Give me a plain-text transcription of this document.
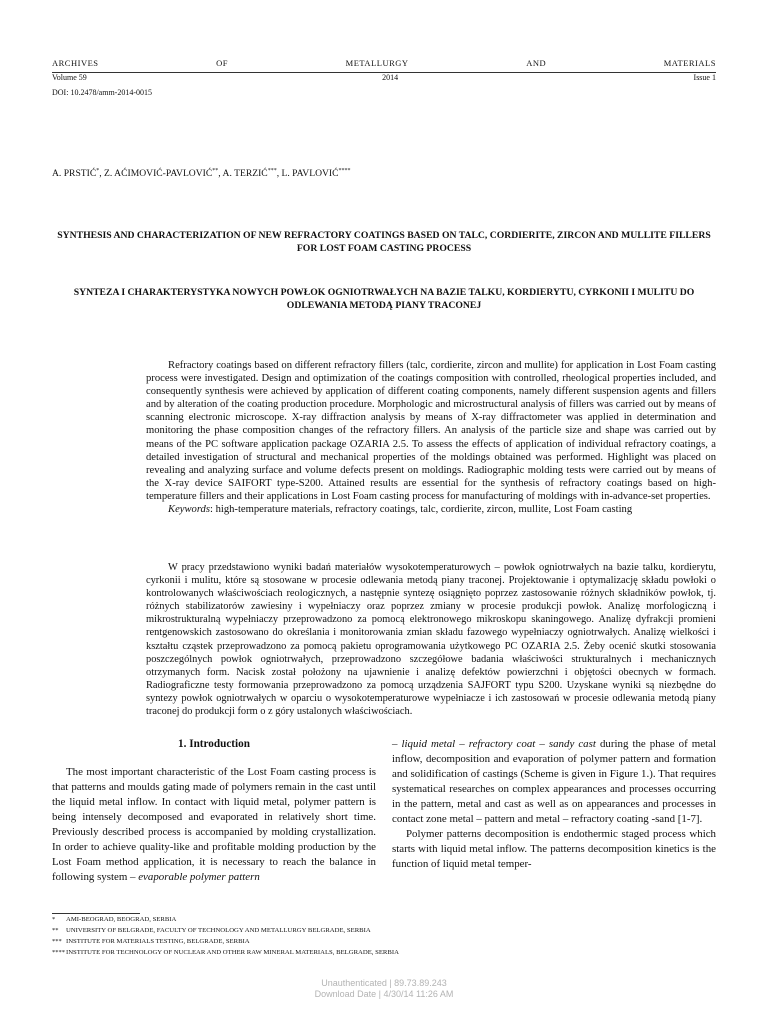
ARCHIVES	OF	METALLURGY	AND	MATERIALS
Volume 59	2014	Issue 1
DOI: 10.2478/amm-2014-0015
A. PRSTIĆ*, Z. AĆIMOVIĆ-PAVLOVIĆ**, A. TERZIĆ***, L. PAVLOVIĆ****
SYNTHESIS AND CHARACTERIZATION OF NEW REFRACTORY COATINGS BASED ON TALC, CORDIERITE, ZIRCON AND MULLITE FILLERS FOR LOST FOAM CASTING PROCESS
SYNTEZA I CHARAKTERYSTYKA NOWYCH POWŁOK OGNIOTRWAŁYCH NA BAZIE TALKU, KORDIERYTU, CYRKONII I MULITU DO ODLEWANIA METODĄ PIANY TRACONEJ

Refractory coatings based on different refractory fillers (talc, cordierite, zircon and mullite) for application in Lost Foam casting process were investigated. Design and optimization of the coatings composition with controlled, rheological properties included, and consequently synthesis were achieved by application of different coating components, namely different suspension agents and fillers and by alteration of the coating production procedure. Morphologic and microstructural analysis of fillers was carried out by means of scanning electronic microscope. X-ray diffraction analysis by means of X-ray diffractometer was applied in determination and monitoring the phase composition changes of the refractory fillers. An analysis of the particle size and shape was carried out by means of the PC software application package OZARIA 2.5. To assess the effects of application of individual refractory coatings, a detailed investigation of structural and mechanical properties of the moldings obtained was performed. Highlight was placed on revealing and analyzing surface and volume defects present on moldings. Radiographic molding tests were carried out by means of the X-ray device SAIFORT type-S200. Attained results are essential for the synthesis of refractory coatings based on high-temperature fillers and their applications in Lost Foam casting process for manufacturing of moldings with in-advance-set properties.

Keywords: high-temperature materials, refractory coatings, talc, cordierite, zircon, mullite, Lost Foam casting

W pracy przedstawiono wyniki badań materiałów wysokotemperaturowych – powłok ogniotrwałych na bazie talku, kordierytu, cyrkonii i mulitu, które są stosowane w procesie odlewania metodą piany traconej. Projektowanie i optymalizację składu powłoki o kontrolowanych właściwościach reologicznych, a następnie syntezę osiągnięto poprzez zastosowanie różnych składników powłok, tj. różnych stabilizatorów zawiesiny i wypełniaczy oraz poprzez zmiany w procesie produkcji powłok. Analizę morfologiczną i mikrostrukturalną wypełniaczy przeprowadzono za pomocą elektronowego mikroskopu skaningowego. Analizę dyfrakcji promieni rentgenowskich zastosowano do określania i monitorowania zmian składu fazowego wypełniaczy ogniotrwałych. Analizę wielkości i kształtu cząstek przeprowadzono za pomocą pakietu oprogramowania użytkowego PC OZARIA 2.5. Żeby ocenić skutki stosowania poszczególnych powłok ogniotrwałych, przeprowadzono szczegółowe badania właściwości strukturalnych i mechanicznych otrzymanych form. Nacisk został położony na ujawnienie i analizę defektów powierzchni i objętości obecnych w formach. Radiograficzne testy formowania przeprowadzono za pomocą urządzenia SAJFORT typu S200. Uzyskane wyniki są niezbędne do syntezy powłok ogniotrwałych w oparciu o wysokotemperaturowe wypełniacze i ich zastosowań w procesie odlewania metodą piany traconej do produkcji form o z góry ustalonych właściwościach.

1. Introduction

The most important characteristic of the Lost Foam casting process is that patterns and moulds gating made of polymers remain in the cast until the liquid metal inflow. In contact with liquid metal, polymer pattern is being intensely decomposed and evaporated in relatively short time. Previously described process is accompanied by molding crystallization. In order to achieve quality-like and profitable molding production by the Lost Foam method application, it is necessary to reach the balance in following system – evaporable polymer pattern

– liquid metal – refractory coat – sandy cast during the phase of metal inflow, decomposition and evaporation of polymer pattern and formation and solidification of castings (Scheme is given in Figure 1.). That requires systematical researches on complex appearances and processes occurring in the pattern, metal and cast as well as on appearances and processes in contact zone metal – pattern and metal – refractory coating -sand [1-7].

Polymer patterns decomposition is endothermic staged process which starts with liquid metal inflow. The patterns decomposition kinetics is the function of liquid metal temper-

*	AMI-BEOGRAD, BEOGRAD, SERBIA
**	UNIVERSITY OF BELGRADE, FACULTY OF TECHNOLOGY AND METALLURGY BELGRADE, SERBIA
*** INSTITUTE FOR MATERIALS TESTING, BELGRADE, SERBIA
**** INSTITUTE FOR TECHNOLOGY OF NUCLEAR AND OTHER RAW MINERAL MATERIALS, BELGRADE, SERBIA
Unauthenticated | 89.73.89.243
Download Date | 4/30/14 11:26 AM
